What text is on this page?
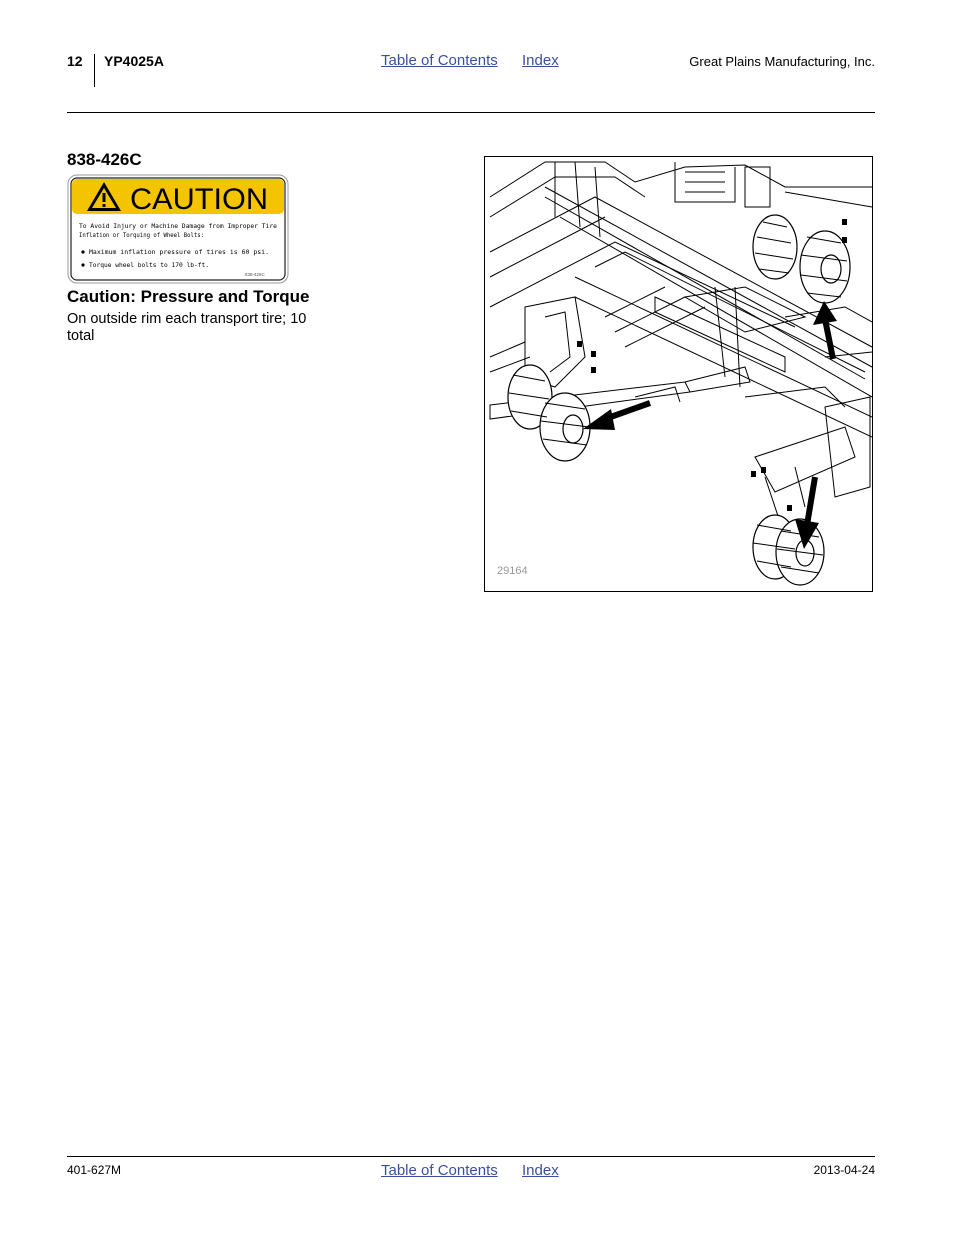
12 YP4025A	Table of Contents Index	Great Plains Manufacturing, Inc.
838-426C
CAUTION
To Avoid Injury or Machine Damage from Improper Tire
Inflation or Torquing of Wheel Bolts:
Maximum inflation pressure of tires is 60 psi.
Torque wheel bolts to 170 lb-ft.
838-426C
Caution: Pressure and Torque
On outside rim each transport tire; 10 total
29164
401-627M	Table of Contents Index	2013-04-24
